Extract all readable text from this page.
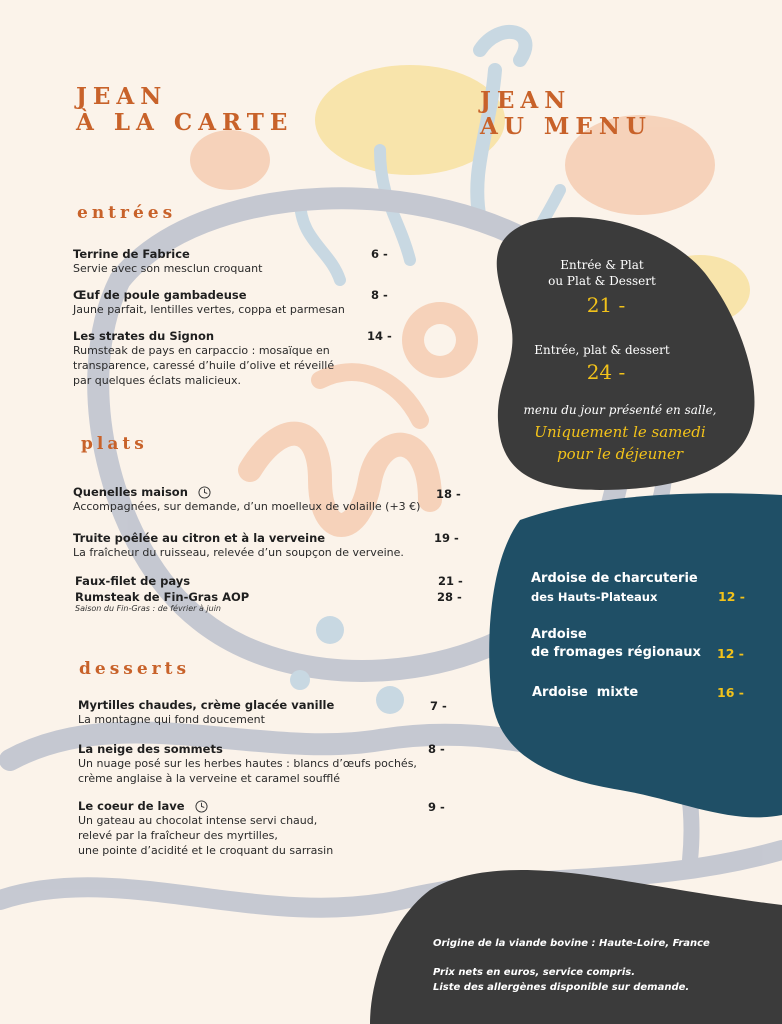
JEAN
À LA CARTE
entrées
Terrine de Fabrice
Servie avec son mesclun croquant
6 -
Œuf de poule gambadeuse
Jaune parfait, lentilles vertes, coppa et parmesan
8 -
Les strates du Signon
Rumsteak de pays en carpaccio : mosaïque en
transparence, caressé d’huile d’olive et réveillé
par quelques éclats malicieux.
14 -
plats
Quenelles maison
Accompagnées, sur demande, d’un moelleux de volaille (+3 €)
18 -
Truite poêlée au citron et à la verveine
La fraîcheur du ruisseau, relevée d’un soupçon de verveine.
19 -
Faux-filet de pays	21 -
Rumsteak de Fin-Gras AOP
Saison du Fin-Gras : de février à juin
28 -
desserts
Myrtilles chaudes, crème glacée vanille
La montagne qui fond doucement
7 -
La neige des sommets
Un nuage posé sur les herbes hautes : blancs d’œufs pochés,
crème anglaise à la verveine et caramel soufflé
8 -
Le coeur de lave
Un gateau au chocolat intense servi chaud,
relevé par la fraîcheur des myrtilles,
une pointe d’acidité et le croquant du sarrasin
9 -
JEAN
AU MENU
Entrée & Plat
ou Plat & Dessert
21 -
Entrée, plat & dessert
24 -
menu du jour présenté en salle,
Uniquement le samedi
pour le déjeuner
Ardoise de charcuterie
des Hauts-Plateaux	12 -
Ardoise
de fromages régionaux 12 -
Ardoise  mixte	16 -
Origine de la viande bovine : Haute-Loire, France
Prix nets en euros, service compris.
Liste des allergènes disponible sur demande.
